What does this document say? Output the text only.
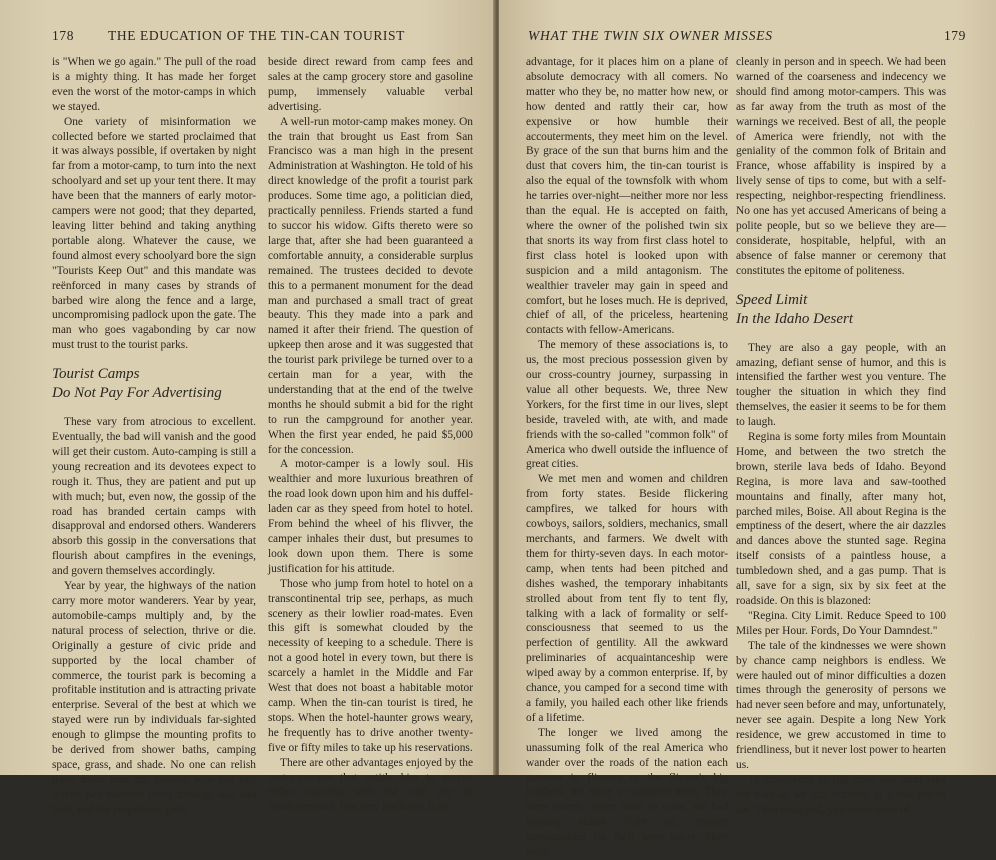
178	THE EDUCATION OF THE TIN-CAN TOURIST

is "When we go again." The pull of the road is a mighty thing. It has made her forget even the worst of the motor-camps in which we stayed.

One variety of misinformation we collected before we started proclaimed that it was always possible, if overtaken by night far from a motor-camp, to turn into the next schoolyard and set up your tent there. It may have been that the manners of early motor-campers were not good; that they departed, leaving litter behind and taking anything portable along. Whatever the cause, we found almost every schoolyard bore the sign "Tourists Keep Out" and this mandate was reënforced in many cases by strands of barbed wire along the fence and a large, uncompromising padlock upon the gate. The man who goes vagabonding by car now must trust to the tourist parks.

Tourist Camps
Do Not Pay For Advertising

These vary from atrocious to excellent. Eventually, the bad will vanish and the good will get their custom. Auto-camping is still a young recreation and its devotees expect to rough it. Thus, they are patient and put up with much; but, even now, the gossip of the road has branded certain camps with disapproval and endorsed others. Wanderers absorb this gossip in the conversations that flourish about campfires in the evenings, and govern themselves accordingly.

Year by year, the highways of the nation carry more motor wanderers. Year by year, automobile-camps multiply and, by the natural process of selection, thrive or die. Originally a gesture of civic pride and supported by the local chamber of commerce, the tourist park is becoming a profitable institution and is attracting private enterprise. Several of the best at which we stayed were run by individuals far-sighted enough to glimpse the mounting profits to be derived from shower baths, camping space, grass, and shade. No one can relish these more than the traveler who has just driven two hundred miles through dust and heat, and the proprietors gain,

beside direct reward from camp fees and sales at the camp grocery store and gasoline pump, immensely valuable verbal advertising.

A well-run motor-camp makes money. On the train that brought us East from San Francisco was a man high in the present Administration at Washington. He told of his direct knowledge of the profit a tourist park produces. Some time ago, a politician died, practically penniless. Friends started a fund to succor his widow. Gifts thereto were so large that, after she had been guaranteed a comfortable annuity, a considerable surplus remained. The trustees decided to devote this to a permanent monument for the dead man and purchased a small tract of great beauty. This they made into a park and named it after their friend. The question of upkeep then arose and it was suggested that the tourist park privilege be turned over to a certain man for a year, with the understanding that at the end of the twelve months he should submit a bid for the right to run the campground for another year. When the first year ended, he paid $5,000 for the concession.

A motor-camper is a lowly soul. His wealthier and more luxurious breathren of the road look down upon him and his duffel-laden car as they speed from hotel to hotel. From behind the wheel of his flivver, the camper inhales their dust, but presumes to look down upon them. There is some justification for his attitude.

Those who jump from hotel to hotel on a transcontinental trip see, perhaps, as much scenery as their lowlier road-mates. Even this gift is somewhat clouded by the necessity of keeping to a schedule. There is not a good hotel in every town, but there is scarcely a hamlet in the Middle and Far West that does not boast a habitable motor camp. When the tin-can tourist is tired, he stops. When the hotel-haunter grows weary, he frequently has to drive another twenty-five or fifty miles to take up his reservations.

There are other advantages enjoyed by the motor-camper that entitle him to survey richer travelers with the cold eye of condescension. His very lowliness is an

WHAT THE TWIN SIX OWNER MISSES	179

advantage, for it places him on a plane of absolute democracy with all comers. No matter who they be, no matter how new, or how dented and rattly their car, how expensive or how humble their accouterments, they meet him on the level. By grace of the sun that burns him and the dust that covers him, the tin-can tourist is also the equal of the townsfolk with whom he tarries over-night—neither more nor less than the equal. He is accepted on faith, where the owner of the polished twin six that snorts its way from first class hotel to first class hotel is looked upon with suspicion and a mild antagonism. The wealthier traveler may gain in speed and comfort, but he loses much. He is deprived, chief of all, of the priceless, heartening contacts with fellow-Americans.

The memory of these associations is, to us, the most precious possession given by our cross-country journey, surpassing in value all other bequests. We, three New Yorkers, for the first time in our lives, slept beside, traveled with, ate with, and made friends with the so-called "common folk" of America who dwell outside the influence of great cities.

We met men and women and children from forty states. Beside flickering campfires, we talked for hours with cowboys, sailors, soldiers, mechanics, small merchants, and farmers. We dwelt with them for thirty-seven days. In each motor-camp, when tents had been pitched and dishes washed, the temporary inhabitants strolled about from tent fly to tent fly, talking with a lack of formality or self-consciousness that seemed to us the perfection of gentility. All the awkward preliminaries of acquaintanceship were wiped away by a common enterprise. If, by chance, you camped for a second time with a family, you hailed each other like friends of a lifetime.

The longer we lived among the unassuming folk of the real America who wander over the roads of the nation each summer in flivvers or the flivver's big brothers, the more we admired them. They were honest. From coast to coast, we had nothing stolen from us, though opportunities for theft were many. They were

cleanly in person and in speech. We had been warned of the coarseness and indecency we should find among motor-campers. This was as far away from the truth as most of the warnings we received. Best of all, the people of America were friendly, not with the geniality of the common folk of Britain and France, whose affability is inspired by a lively sense of tips to come, but with a self-respecting, neighbor-respecting friendliness. No one has yet accused Americans of being a polite people, but so we believe they are—considerate, hospitable, helpful, with an absence of false manner or ceremony that constitutes the epitome of politeness.

Speed Limit
In the Idaho Desert

They are also a gay people, with an amazing, defiant sense of humor, and this is intensified the farther west you venture. The tougher the situation in which they find themselves, the easier it seems to be for them to laugh.

Regina is some forty miles from Mountain Home, and between the two stretch the brown, sterile lava beds of Idaho. Beyond Regina, is more lava and saw-toothed mountains and finally, after many hot, parched miles, Boise. All about Regina is the emptiness of the desert, where the air dazzles and dances above the stunted sage. Regina itself consists of a paintless house, a tumbledown shed, and a gas pump. That is all, save for a sign, six by six feet at the roadside. On this is blazoned:

"Regina. City Limit. Reduce Speed to 100 Miles per Hour. Fords, Do Your Damndest."

The tale of the kindnesses we were shown by chance camp neighbors is endless. We were hauled out of minor difficulties a dozen times through the generosity of persons we had never seen before and may, unfortunately, never see again. Despite a long New York residence, we grew accustomed in time to friendliness, but it never lost power to hearten us.

To experience its full flow, one must take the road as we did, humbly, in a low-priced car. Thus equipped, you rouse none of
